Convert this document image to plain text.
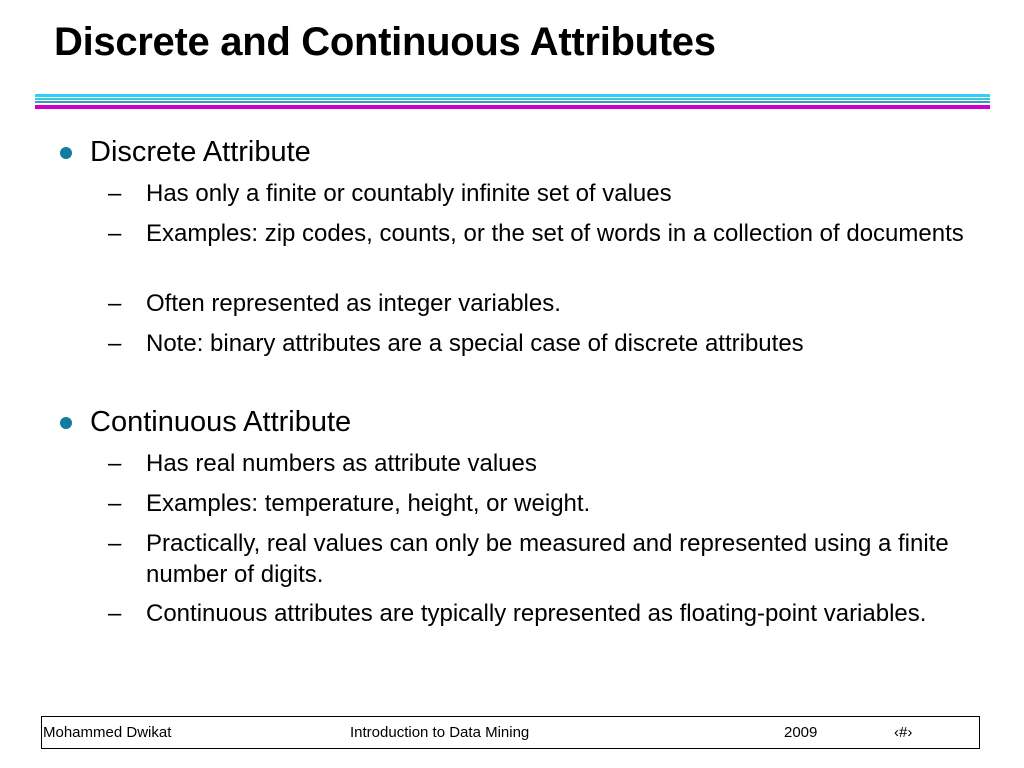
Discrete and Continuous Attributes
Discrete Attribute
– Has only a finite or countably infinite set of values
– Examples: zip codes, counts, or the set of words in a collection of documents
– Often represented as integer variables.
– Note: binary attributes are a special case of discrete attributes
Continuous Attribute
– Has real numbers as attribute values
– Examples: temperature, height, or weight.
– Practically, real values can only be measured and represented using a finite number of digits.
– Continuous attributes are typically represented as floating-point variables.
Mohammed Dwikat	Introduction to Data Mining	2009	‹#›
